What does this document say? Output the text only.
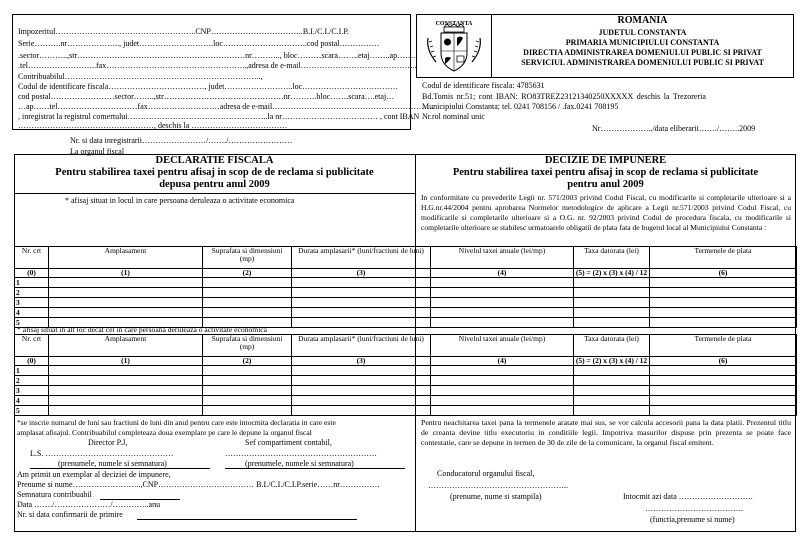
Impozeritul……………………………………………..CNP……………………………..B.I./C.I./C.I.P.
Serie……….nr……………….., judet……………………….loc…………………………..cod postal……………
.sector………..,str………………………………………………………nr……….., bloc………scara……..etaj……..ap…….
.tel……………………..fax……………………………………………..,adresa de e-mail……………………………………..
Contribuabilul………………………………………………………………..,
Codul de identificare fiscala………………………………, judet……………………..loc………………………………
cod postal……………………sector……..,str………………………………………nr……….bloc…….scara….etaj…
…ap……tel…………………………fax………………………adresa de e-mail…………………………………………………….
, inregistrat la registrul comertului……………………………………………..la nr……………………………… , cont IBAN
……………………………………………, deschis la ………………………………
Nr. si data inregistrarii……………………/……./……………………
La organul fiscal
CONSTANTA	ROMANIA
JUDETUL CONSTANTA
PRIMARIA MUNICIPIULUI CONSTANTA
DIRECTIA ADMINISTRAREA DOMENIULUI PUBLIC SI PRIVAT
SERVICIUL ADMINISTRAREA DOMENIULUI PUBLIC SI PRIVAT
Codul de identificare fiscala: 4785631
Bd.Tomis nr.51; cont IBAN: RO83TREZ23121340250XXXXX deschis la Trezoreria
Municipiului Constanta; tel. 0241 708156 / .fax.0241 708195
Nr.rol nominal unic
Nr………………../data eliberarii……./……..2009
DECLARATIE FISCALA
Pentru stabilirea taxei pentru afisaj in scop de de reclama si publicitate
depusa pentru anul 2009
* afisaj situat in locul in care persoana deruleaza o activitate economica
DECIZIE DE IMPUNERE
Pentru stabilirea taxei pentru afisaj in scop de reclama si publicitate
pentru anul 2009
In conformitate cu prevederile Legii nr. 571/2003 privind Codul Fiscal, cu modificarile si completarile ulterioare si a H.G.nr.44/2004 pentru aprobarea Normelor metodologice de aplicare a Legii nr.571/2003 privind Codul Fiscal, cu modificarile si completarile ulterioare si a O.G. nr. 92/2003 privind Codul de procedura fiscala, cu modificarile si completarile ulterioare se stabilesc urmatoarele obligatii de plata fata de bugetul local al Municipiului Constanta :
Nr. crt	Amplasament	Suprafata si dimensiuni (mp)	Durata amplasarii* (luni/fractiuni de luni)	Nivelul taxei anuale (lei/mp)	Taxa datorata (lei)	Termenele de plata
(0)	(1)	(2)	(3)	(4)	(5) = (2) x (3) x (4) / 12	(6)
1						
2						
3						
4						
5						
* afisaj situat in alt loc decat cel in care persoana deruleaza o activitate economica
Nr. crt	Amplasament	Suprafata si dimensiuni (mp)	Durata amplasarii* (luni/fractiuni de luni)	Nivelul taxei anuale (lei/mp)	Taxa datorata (lei)	Termenele de plata
(0)	(1)	(2)	(3)	(4)	(5) = (2) x (3) x (4) / 12	(6)
1						
2						
3						
4						
5						
*se inscrie numarul de luni sau fractiuni de luni din anul pentru care este intocmita declaratia in care este
amplasat afisajul. Contribuabilul completeaza doua exemplare pe care le depune la organul fiscal
Director P.J,	Sef compartiment contabil,
L.S. …………………………………………	…………………………………………………
(prenumele, numele si semnatura)	(prenumele, numele si semnatura)
Am primit un exemplar al deciziei de impunere,
Prenume si nume……………………..,CNP……………………………… B.I./C.I./C.I.P.serie……nr……………
Semnatura contribuabil
Data ……./…………………/…………..anu
Nr. si data confirmarii de primire
Pentru neachitarea taxei pana la termenele aratate mai sus, se vor calcula accesorii pana la data platii. Prezentul titlu de creanta devine titlu executoriu in conditiile legii. Impotriva masurilor dispuse prin prezenta se poate face contestatie, care se depune in termen de 30 de zile de la comunicare, la organul fiscal emitent.
Conducatorul organului fiscal,
……………………………………………..
(prenume, nume si stampila)	Intocmit azi data ……………………….
……………………………….
(functia,prenume si nume)
